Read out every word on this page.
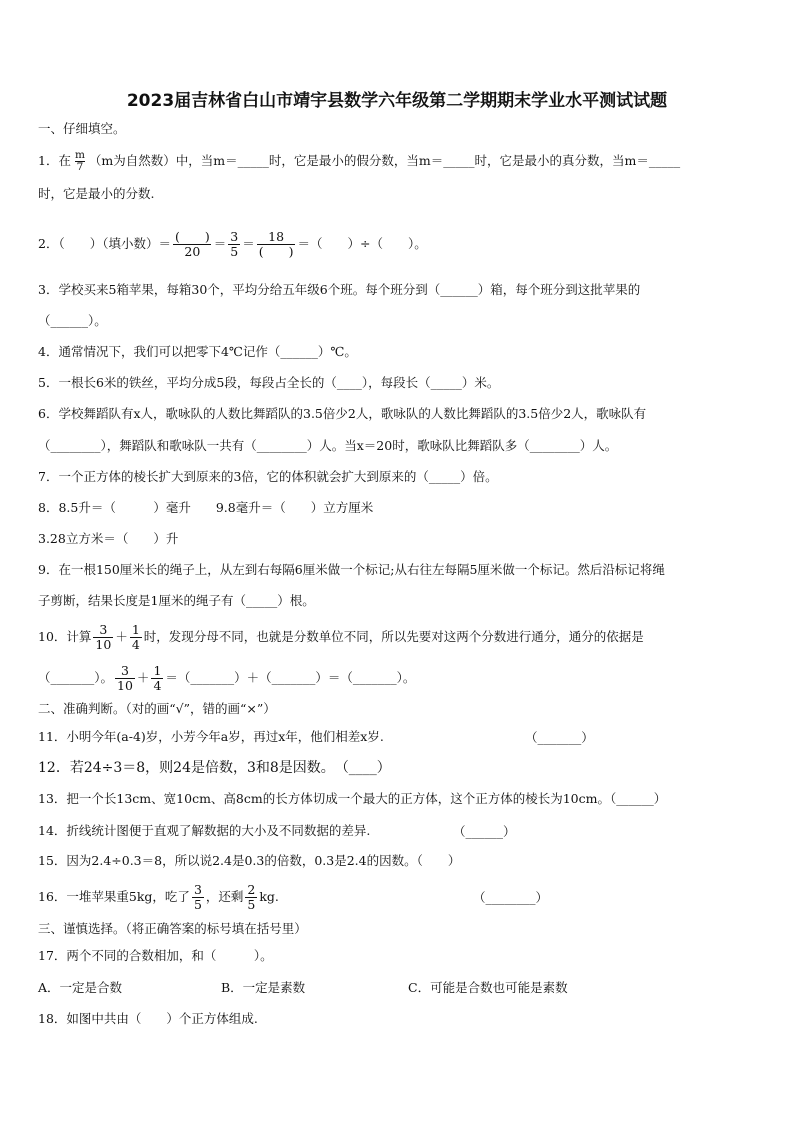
2023届吉林省白山市靖宇县数学六年级第二学期期末学业水平测试试题
一、仔细填空。
1．在 $\frac{m}{7} (m$为自然数）中，当m＝_____时，它是最小的假分数，当m＝_____时，它是最小的真分数，当m＝_____
时，它是最小的分数.
2．（　　）（填小数）＝ $\frac{( )}{20} = \frac{3}{5} = \frac{18}{( )}$ ＝（　　）÷（　　）。
3．学校买来5箱苹果，每箱30个，平均分给五年级6个班。每个班分到（______）箱，每个班分到这批苹果的
（______）。
4．通常情况下，我们可以把零下4℃记作（______）℃。
5．一根长6米的铁丝，平均分成5段，每段占全长的（____），每段长（_____）米。
6．学校舞蹈队有x人，歌咏队的人数比舞蹈队的3.5倍少2人，歌咏队的人数比舞蹈队的3.5倍少2人，歌咏队有
（________），舞蹈队和歌咏队一共有（________）人。当x＝20时，歌咏队比舞蹈队多（________）人。
7．一个正方体的棱长扩大到原来的3倍，它的体积就会扩大到原来的（_____）倍。
8．8.5升＝（　　　）毫升　　9.8毫升＝（　　）立方厘米
3.28立方米＝（　　）升
9．在一根150厘米长的绳子上，从左到右每隔6厘米做一个标记;从右往左每隔5厘米做一个标记。然后沿标记将绳
子剪断，结果长度是1厘米的绳子有（_____）根。
10．计算 $\frac{3}{10} + \frac{1}{4}$ 时，发现分母不同，也就是分数单位不同，所以先要对这两个分数进行通分，通分的依据是
（_______）。 $\frac{3}{10} + \frac{1}{4}$ ＝（_______）＋（_______）＝（_______）。
二、准确判断。（对的画“√”，错的画“×”）
11．小明今年(a-4)岁，小芳今年a岁，再过x年，他们相差x岁.	（_______）
12．若24÷3＝8，则24是倍数，3和8是因数。　 （____）
13．把一个长13cm、宽10cm、高8cm的长方体切成一个最大的正方体，这个正方体的棱长为10cm。（______）
14．折线统计图便于直观了解数据的大小及不同数据的差异.	（______）
15．因为2.4÷0.3＝8，所以说2.4是0.3的倍数，0.3是2.4的因数。（　　）
16．一堆苹果重5kg，吃了 $\frac{3}{5}$ ，还剩 $\frac{2}{5}$ kg.	（________）
三、谨慎选择。（将正确答案的标号填在括号里）
17．两个不同的合数相加，和（　　　）。
A．一定是合数	B．一定是素数	C．可能是合数也可能是素数
18．如图中共由（　　）个正方体组成.
